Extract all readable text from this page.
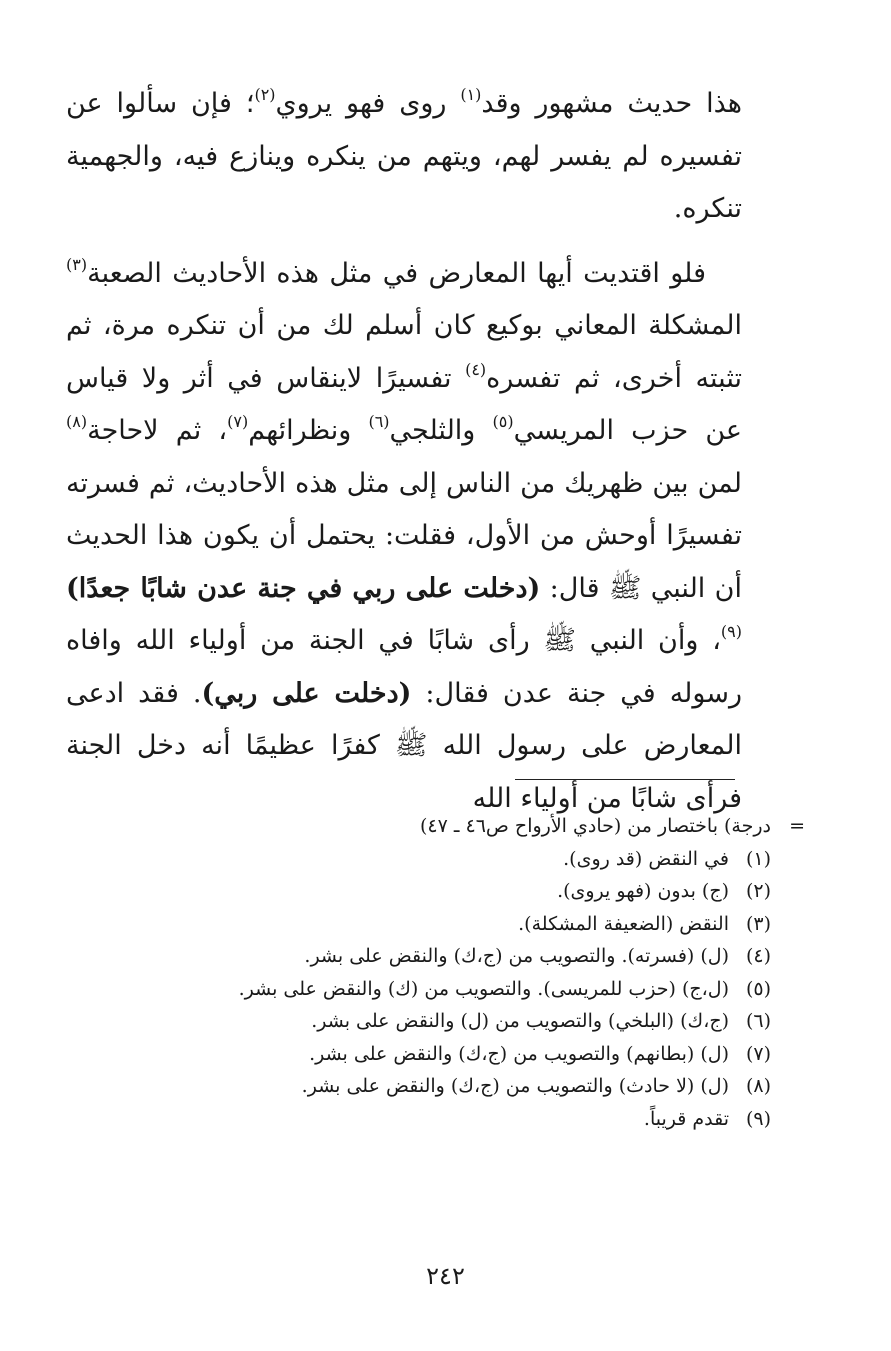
هذا حديث مشهور وقد$^{(١)}$ روى فهو يروي$^{(٢)}$؛ فإن سألوا عن تفسيره لم يفسر لهم، ويتهم من ينكره وينازع فيه، والجهمية تنكره.

فلو اقتديت أيها المعارض في مثل هذه الأحاديث الصعبة$^{(٣)}$ المشكلة المعاني بوكيع كان أسلم لك من أن تنكره مرة، ثم تثبته أخرى، ثم تفسره$^{(٤)}$ تفسيرًا لاينقاس في أثر ولا قياس عن حزب المريسي$^{(٥)}$ والثلجي$^{(٦)}$ ونظرائهم$^{(٧)}$، ثم لاحاجة$^{(٨)}$ لمن بين ظهريك من الناس إلى مثل هذه الأحاديث، ثم فسرته تفسيرًا أوحش من الأول، فقلت: يحتمل أن يكون هذا الحديث أن النبي ﷺ قال: (دخلت على ربي في جنة عدن شابًا جعدًا)$^{(٩)}$، وأن النبي ﷺ رأى شابًا في الجنة من أولياء الله وافاه رسوله في جنة عدن فقال: (دخلت على ربي). فقد ادعى المعارض على رسول الله ﷺ كفرًا عظيمًا أنه دخل الجنة فرأى شابًا من أولياء الله

=
درجة) باختصار من (حادي الأرواح ص٤٦ ـ ٤٧)
(١)
في النقض (قد روى).
(٢)
(ج) بدون (فهو يروى).
(٣)
النقض (الضعيفة المشكلة).
(٤)
(ل) (فسرته). والتصويب من (ج،ك) والنقض على بشر.
(٥)
(ل،ج) (حزب للمريسى). والتصويب من (ك) والنقض على بشر.
(٦)
(ج،ك) (البلخي) والتصويب من (ل) والنقض على بشر.
(٧)
(ل) (بطانهم) والتصويب من (ج،ك) والنقض على بشر.
(٨)
(ل) (لا حادث) والتصويب من (ج،ك) والنقض على بشر.
(٩)
تقدم قريباً.
٢٤٢
